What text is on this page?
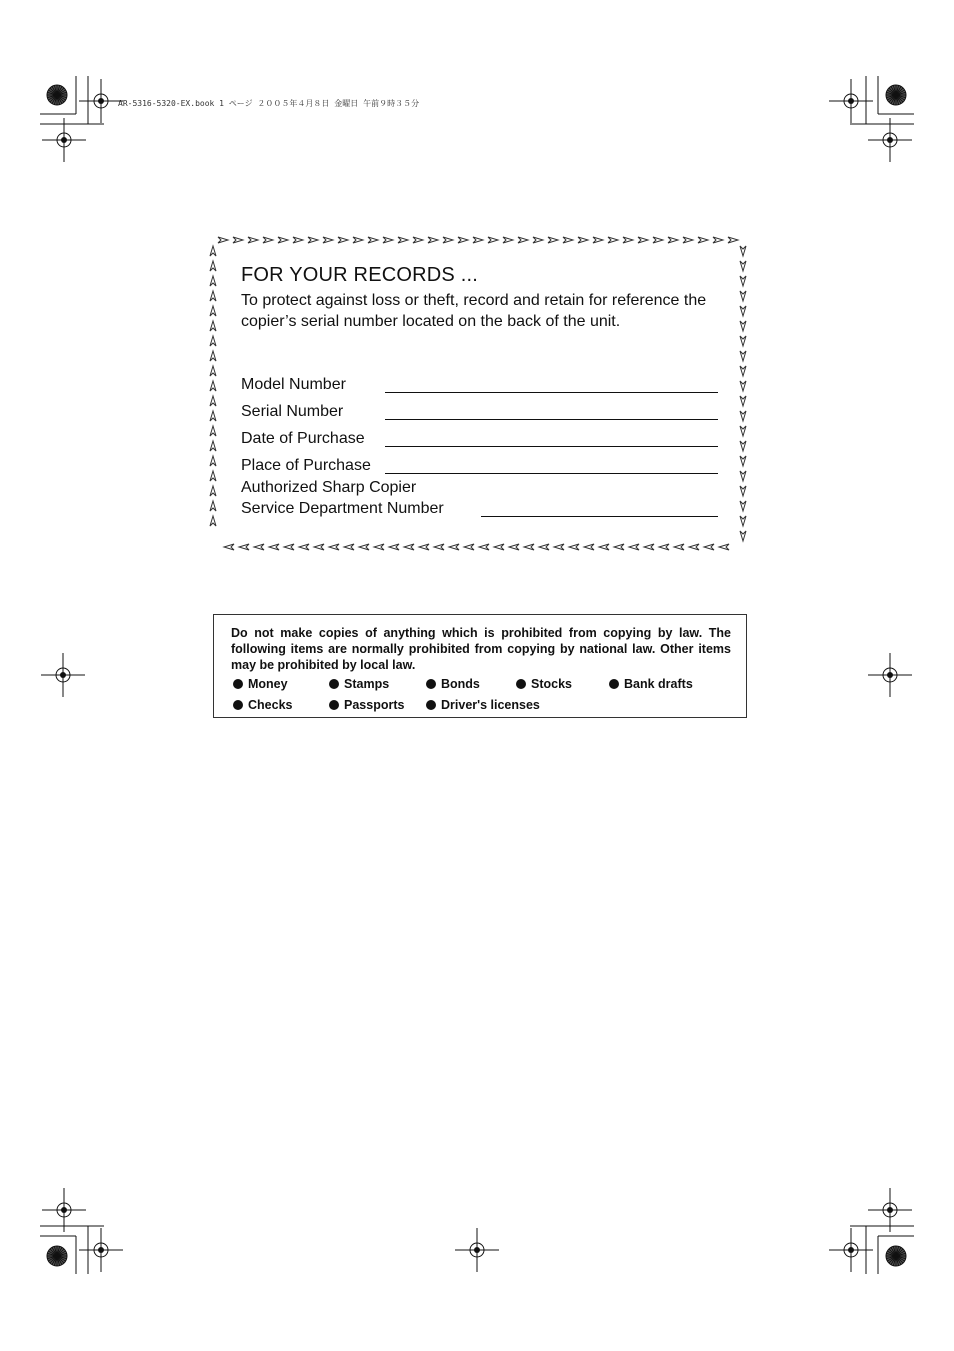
AR-5316-5320-EX.book 1 ページ ２００５年４月８日 金曜日 午前９時３５分
FOR YOUR RECORDS ...
To protect against loss or theft, record and retain for reference the copier’s serial number located on the back of the unit.
Model Number
Serial Number
Date of Purchase
Place of Purchase
Authorized Sharp Copier
Service Department Number
Do not make copies of anything which is prohibited from copying by law. The following items are normally prohibited from copying by national law. Other items may be prohibited by local law.
Money	Stamps	Bonds	Stocks	Bank drafts
Checks	Passports	Driver's licenses
